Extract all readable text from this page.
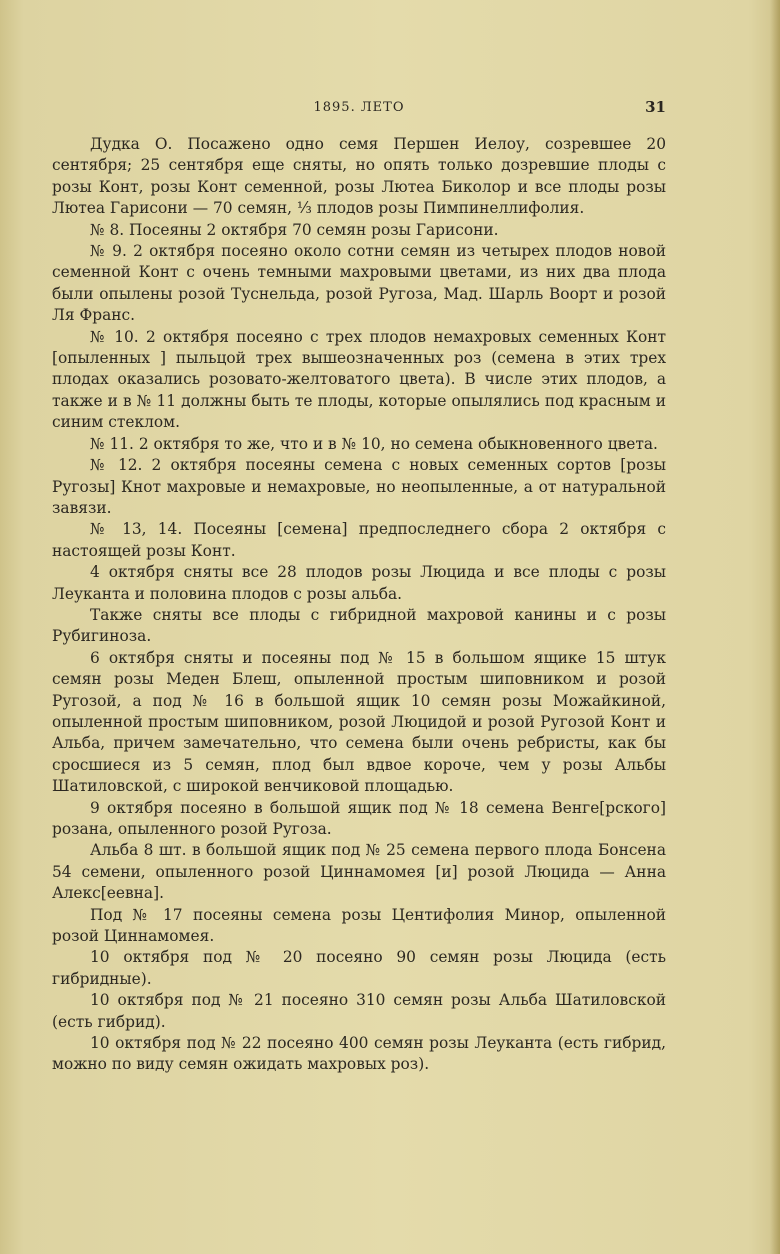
1895. ЛЕТО	31

Дудка О. Посажено одно семя Першен Иелоу, созревшее 20 сентября; 25 сентября еще сняты, но опять только дозревшие плоды с розы Конт, розы Конт семенной, розы Лютеа Биколор и все плоды розы Лютеа Гарисони — 70 семян, ⅓ плодов розы Пимпинеллифолия.

№ 8. Посеяны 2 октября 70 семян розы Гарисони.

№ 9. 2 октября посеяно около сотни семян из четырех плодов новой семенной Конт с очень темными махровыми цветами, из них два плода были опылены розой Туснельда, розой Ругоза, Мад. Шарль Воорт и розой Ля Франс.

№ 10. 2 октября посеяно с трех плодов немахровых семенных Конт [опыленных ] пыльцой трех вышеозначенных роз (семена в этих трех плодах оказались розовато-желтоватого цвета). В числе этих плодов, а также и в № 11 должны быть те плоды, которые опылялись под красным и синим стеклом.

№ 11. 2 октября то же, что и в № 10, но семена обыкновенного цвета.

№ 12. 2 октября посеяны семена с новых семенных сортов [розы Ругозы] Кнот махровые и немахровые, но неопыленные, а от натуральной завязи.

№ 13, 14. Посеяны [семена] предпоследнего сбора 2 октября с настоящей розы Конт.

4 октября сняты все 28 плодов розы Люцида и все плоды с розы Леуканта и половина плодов с розы альба.

Также сняты все плоды с гибридной махровой канины и с розы Рубигиноза.

6 октября сняты и посеяны под № 15 в большом ящике 15 штук семян розы Меден Блеш, опыленной простым шиповником и розой Ругозой, а под № 16 в большой ящик 10 семян розы Можайкиной, опыленной простым шиповником, розой Люцидой и розой Ругозой Конт и Альба, причем замечательно, что семена были очень ребристы, как бы сросшиеся из 5 семян, плод был вдвое короче, чем у розы Альбы Шатиловской, с широкой венчиковой площадью.

9 октября посеяно в большой ящик под № 18 семена Венге[рского] розана, опыленного розой Ругоза.

Альба 8 шт. в большой ящик под № 25 семена первого плода Бонсена 54 семени, опыленного розой Циннамомея [и] розой Люцида — Анна Алекс[еевна].

Под № 17 посеяны семена розы Центифолия Минор, опыленной розой Циннамомея.

10 октября под № 20 посеяно 90 семян розы Люцида (есть гибридные).

10 октября под № 21 посеяно 310 семян розы Альба Шатиловской (есть гибрид).

10 октября под № 22 посеяно 400 семян розы Леуканта (есть гибрид, можно по виду семян ожидать махровых роз).
